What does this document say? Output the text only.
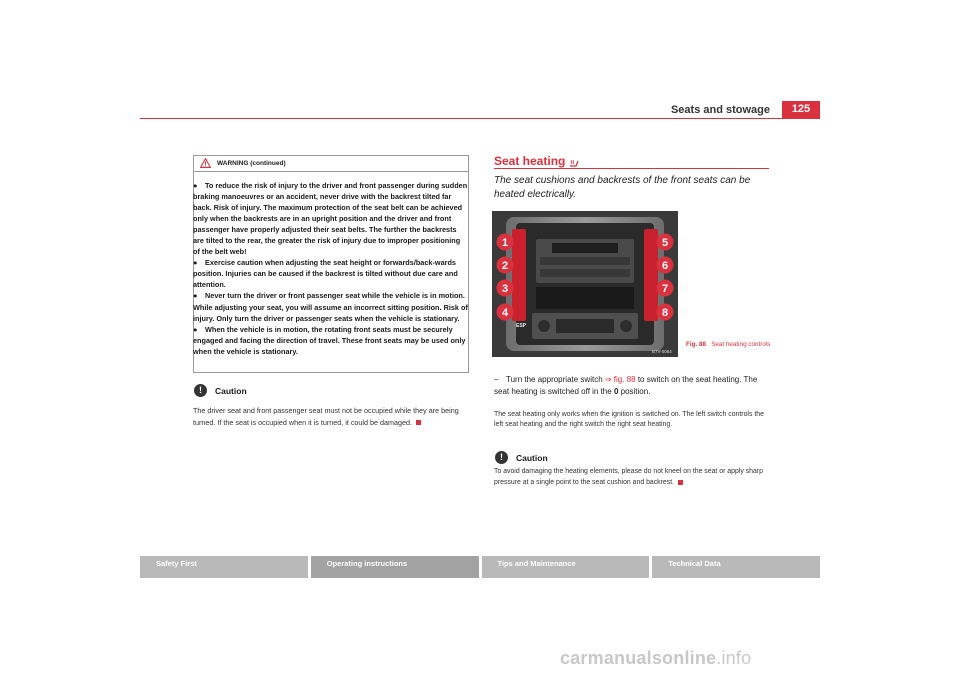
Seats and stowage	125
WARNING (continued)

● To reduce the risk of injury to the driver and front passenger during sudden braking manoeuvres or an accident, never drive with the backrest tilted far back. Risk of injury. The maximum protection of the seat belt can be achieved only when the backrests are in an upright position and the driver and front passenger have properly adjusted their seat belts. The further the backrests are tilted to the rear, the greater the risk of injury due to improper positioning of the belt web!

● Exercise caution when adjusting the seat height or forwards/back-wards position. Injuries can be caused if the backrest is tilted without due care and attention.

● Never turn the driver or front passenger seat while the vehicle is in motion. While adjusting your seat, you will assume an incorrect sitting position. Risk of injury. Only turn the driver or passenger seats when the vehicle is stationary.

● When the vehicle is in motion, the rotating front seats must be securely engaged and facing the direction of travel. These front seats may be used only when the vehicle is stationary.

!	Caution
The driver seat and front passenger seat must not be occupied while they are being turned. If the seat is occupied when it is turned, it could be damaged.
Seat heating
The seat cushions and backrests of the front seats can be heated electrically.
1
2
3
4
5
6
7
8
ESP
B7V-0064
Fig. 88 Seat heating controls
– Turn the appropriate switch ⇒ fig. 88 to switch on the seat heating. The seat heating is switched off in the 0 position.
The seat heating only works when the ignition is switched on. The left switch controls the left seat heating and the right switch the right seat heating.
!	Caution
To avoid damaging the heating elements, please do not kneel on the seat or apply sharp pressure at a single point to the seat cushion and backrest.
Safety First	Operating instructions	Tips and Maintenance	Technical Data
carmanualsonline.info
